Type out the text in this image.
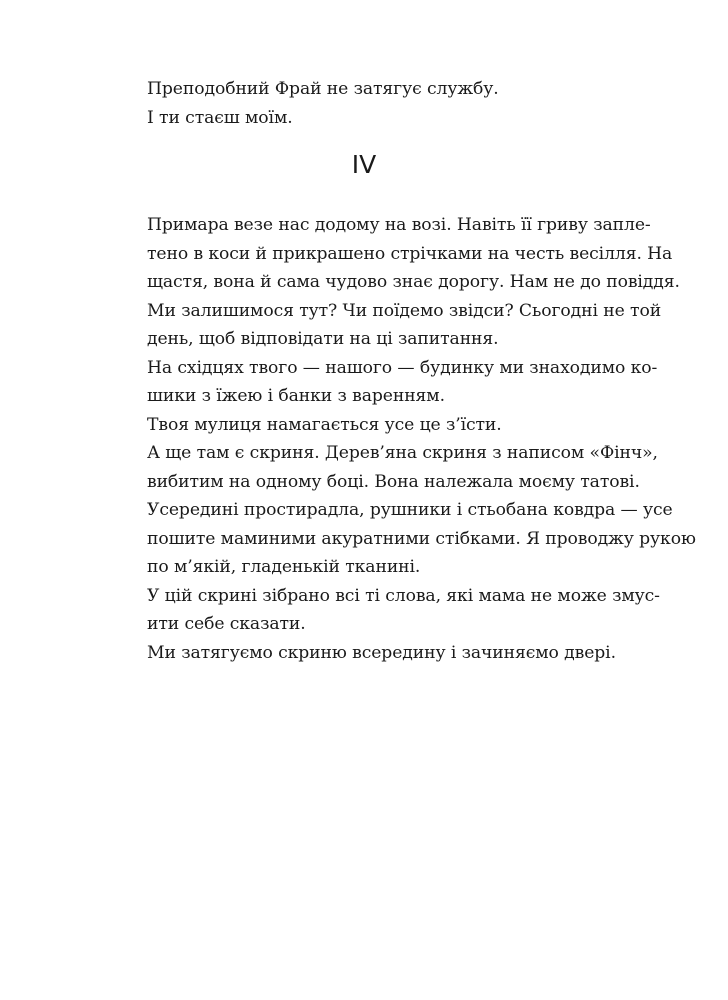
Преподобний Фрай не затягує службу.

І ти стаєш моїм.

IV

Примара везе нас додому на возі. Навіть її гриву запле-
тено в коси й прикрашено стрічками на честь весілля. На
щастя, вона й сама чудово знає дорогу. Нам не до повіддя.

Ми залишимося тут? Чи поїдемо звідси? Сьогодні не той
день, щоб відповідати на ці запитання.

На східцях твого — нашого — будинку ми знаходимо ко-
шики з їжею і банки з варенням.

Твоя мулиця намагається усе це з’їсти.

А ще там є скриня. Дерев’яна скриня з написом «Фінч»,
вибитим на одному боці. Вона належала моєму татові.

Усередині простирадла, рушники і стьобана ковдра — усе
пошите маминими акуратними стібками. Я проводжу рукою
по м’якій, гладенькій тканині.

У цій скрині зібрано всі ті слова, які мама не може змус-
ити себе сказати.

Ми затягуємо скриню всередину і зачиняємо двері.
